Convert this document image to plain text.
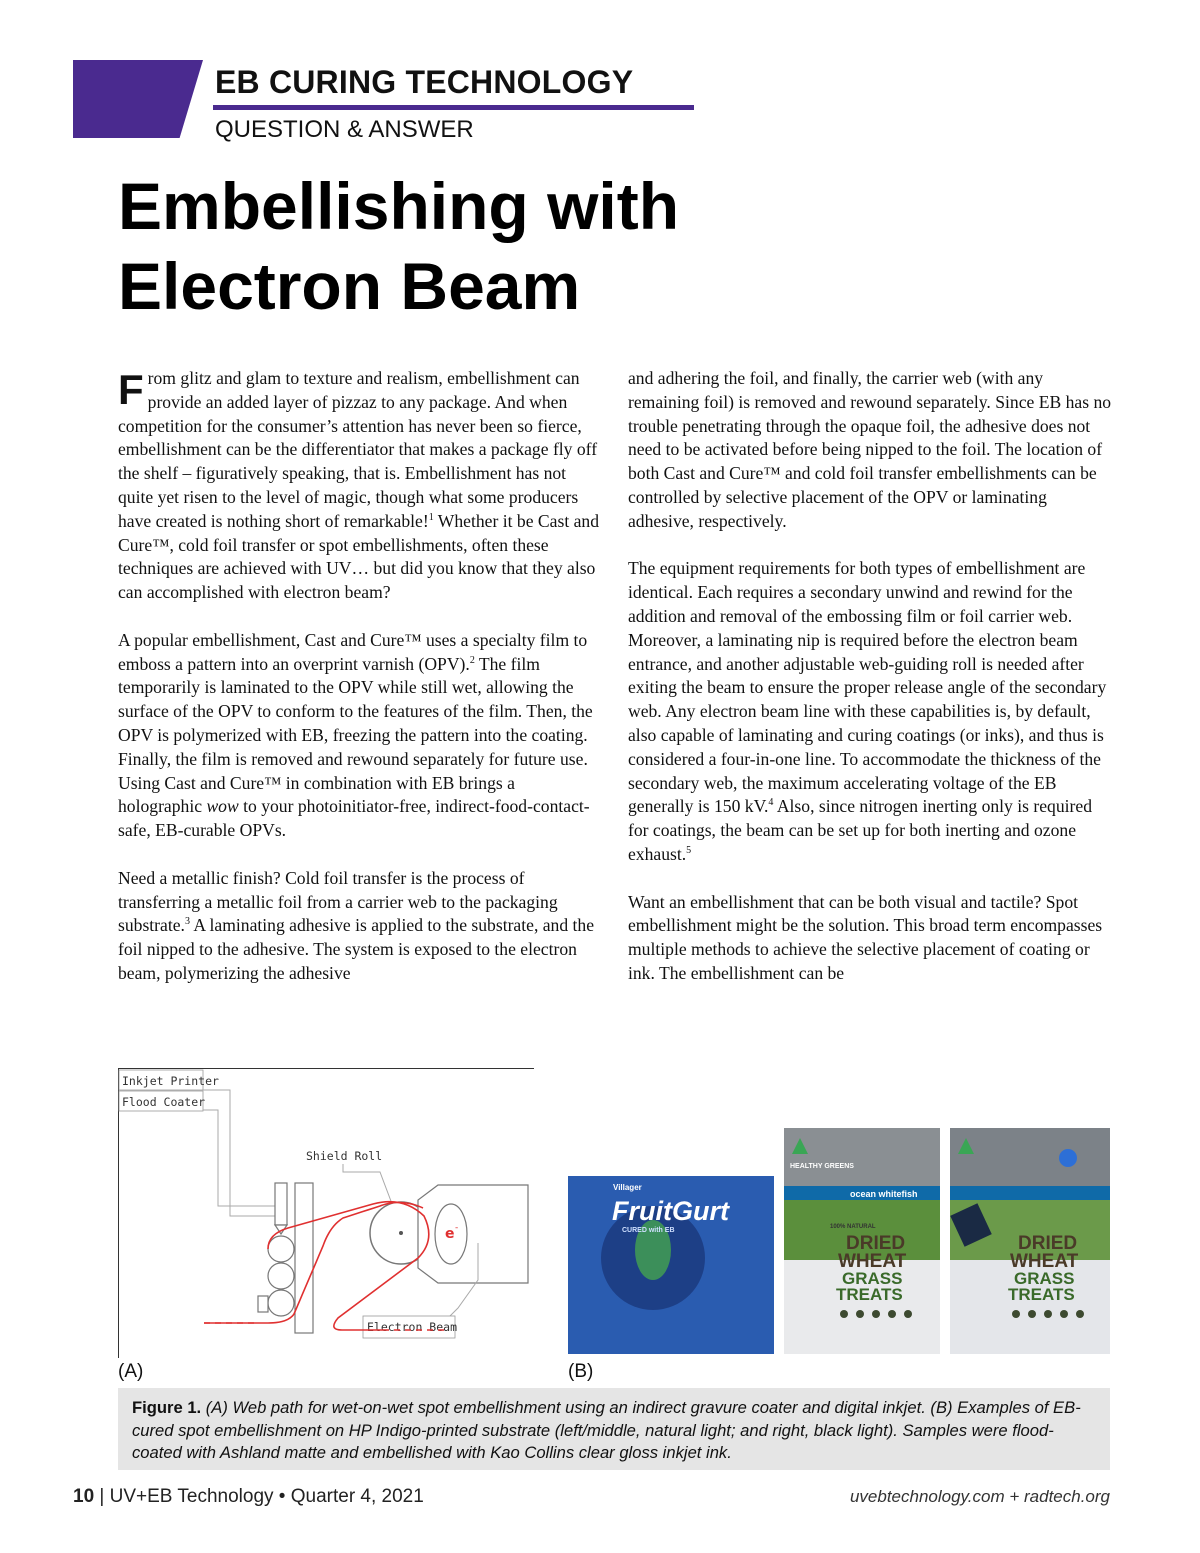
EB CURING TECHNOLOGY
QUESTION & ANSWER
Embellishing with
Electron Beam

From glitz and glam to texture and realism, embellishment can provide an added layer of pizzaz to any package. And when competition for the consumer’s attention has never been so fierce, embellishment can be the differentiator that makes a package fly off the shelf – figuratively speaking, that is. Embellishment has not quite yet risen to the level of magic, though what some producers have created is nothing short of remarkable!$^1$ Whether it be Cast and Cure™, cold foil transfer or spot embellishments, often these techniques are achieved with UV… but did you know that they also can accomplished with electron beam?

A popular embellishment, Cast and Cure™ uses a specialty film to emboss a pattern into an overprint varnish (OPV).$^2$ The film temporarily is laminated to the OPV while still wet, allowing the surface of the OPV to conform to the features of the film. Then, the OPV is polymerized with EB, freezing the pattern into the coating. Finally, the film is removed and rewound separately for future use. Using Cast and Cure™ in combination with EB brings a holographic wow to your photoinitiator-free, indirect-food-contact-safe, EB-curable OPVs.

Need a metallic finish? Cold foil transfer is the process of transferring a metallic foil from a carrier web to the packaging substrate.$^3$ A laminating adhesive is applied to the substrate, and the foil nipped to the adhesive. The system is exposed to the electron beam, polymerizing the adhesive

and adhering the foil, and finally, the carrier web (with any remaining foil) is removed and rewound separately. Since EB has no trouble penetrating through the opaque foil, the adhesive does not need to be activated before being nipped to the foil. The location of both Cast and Cure™ and cold foil transfer embellishments can be controlled by selective placement of the OPV or laminating adhesive, respectively.

The equipment requirements for both types of embellishment are identical. Each requires a secondary unwind and rewind for the addition and removal of the embossing film or foil carrier web. Moreover, a laminating nip is required before the electron beam entrance, and another adjustable web-guiding roll is needed after exiting the beam to ensure the proper release angle of the secondary web. Any electron beam line with these capabilities is, by default, also capable of laminating and curing coatings (or inks), and thus is considered a four-in-one line. To accommodate the thickness of the secondary web, the maximum accelerating voltage of the EB generally is 150 kV.$^4$ Also, since nitrogen inerting only is required for coatings, the beam can be set up for both inerting and ozone exhaust.$^5$

Want an embellishment that can be both visual and tactile? Spot embellishment might be the solution. This broad term encompasses multiple methods to achieve the selective placement of coating or ink. The embellishment can be

Inkjet Printer
Flood Coater
Shield Roll
e -
Electron Beam
(A)
Villager
FruitGurt
CURED with EB
HEALTHY GREENS
ocean whitefish
100% NATURAL
DRIED
WHEAT
GRASS
TREATS
DRIED
WHEAT
GRASS
TREATS
(B)
Figure 1. (A) Web path for wet-on-wet spot embellishment using an indirect gravure coater and digital inkjet. (B) Examples of EB-cured spot embellishment on HP Indigo-printed substrate (left/middle, natural light; and right, black light). Samples were flood-coated with Ashland matte and embellished with Kao Collins clear gloss inkjet ink.
10 | UV+EB Technology • Quarter 4, 2021	uvebtechnology.com + radtech.org
